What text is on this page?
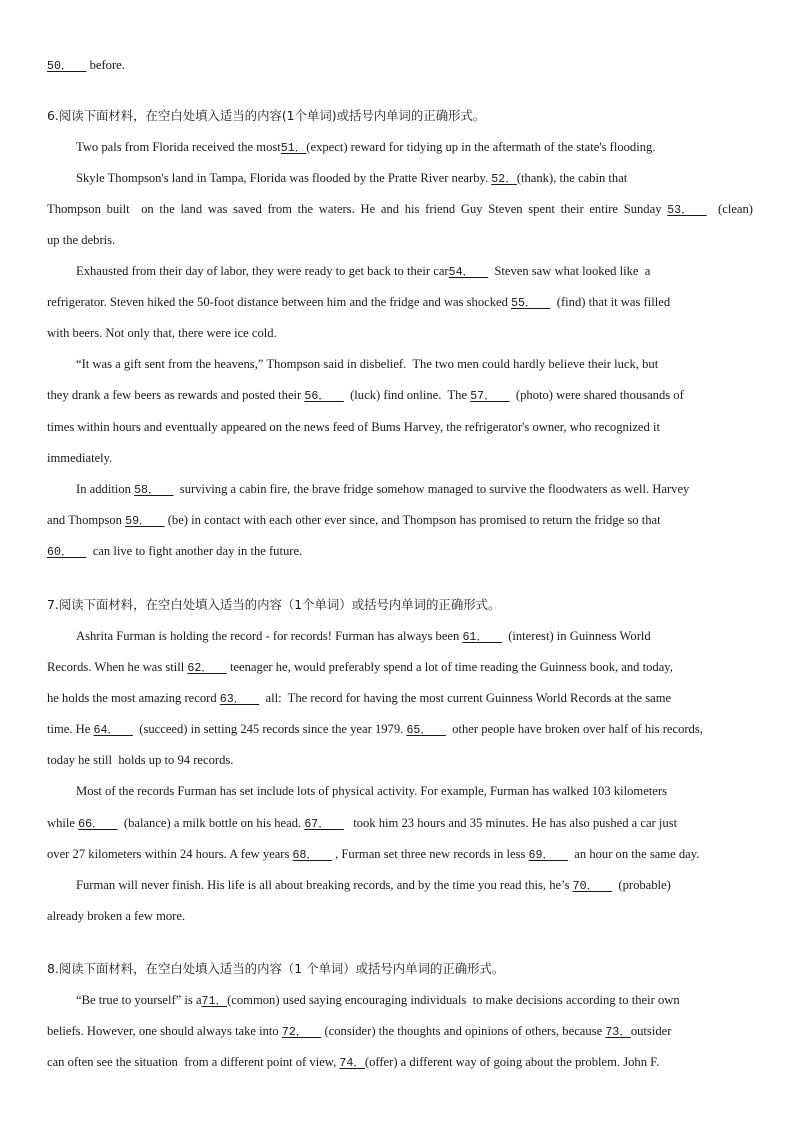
50．   before.
6.阅读下面材料，在空白处填入适当的内容(1个单词)或括号内单词的正确形式。
Two pals from Florida received the most51．(expect) reward for tidying up in the aftermath of the state's flooding.
Skyle Thompson's land in Tampa, Florida was flooded by the Pratte River nearby. 52．(thank), the cabin that
Thompson built  on the land was saved from the waters. He and his friend Guy Steven spent their entire Sunday 53．    (clean)
up the debris.
Exhausted from their day of labor, they were ready to get back to their car54．    Steven saw what looked like  a
refrigerator. Steven hiked the 50-foot distance between him and the fridge and was shocked 55．    (find) that it was filled
with beers. Not only that, there were ice cold.
“It was a gift sent from the heavens,” Thompson said in disbelief.  The two men could hardly believe their luck, but
they drank a few beers as rewards and posted their 56．    (luck) find online.  The 57．    (photo) were shared thousands of
times within hours and eventually appeared on the news feed of Bums Harvey, the refrigerator's owner, who recognized it
immediately.
In addition 58．    surviving a cabin fire, the brave fridge somehow managed to survive the floodwaters as well. Harvey
and Thompson 59．   (be) in contact with each other ever since, and Thompson has promised to return the fridge so that
60．    can live to fight another day in the future.
7.阅读下面材料，在空白处填入适当的内容（1个单词）或括号内单词的正确形式。
Ashrita Furman is holding the record - for records! Furman has always been 61．    (interest) in Guinness World
Records. When he was still 62．   teenager he, would preferably spend a lot of time reading the Guinness book, and today,
he holds the most amazing record 63．    all:  The record for having the most current Guinness World Records at the same
time. He 64．    (succeed) in setting 245 records since the year 1979. 65．    other people have broken over half of his records,
today he still  holds up to 94 records.
Most of the records Furman has set include lots of physical activity. For example, Furman has walked 103 kilometers
while 66．    (balance) a milk bottle on his head. 67．     took him 23 hours and 35 minutes. He has also pushed a car just
over 27 kilometers within 24 hours. A few years 68．   , Furman set three new records in less 69．    an hour on the same day.
Furman will never finish. His life is all about breaking records, and by the time you read this, he’s 70．    (probable)
already broken a few more.
8.阅读下面材料，在空白处填入适当的内容（1 个单词）或括号内单词的正确形式。
“Be true to yourself” is a71．(common) used saying encouraging individuals  to make decisions according to their own
beliefs. However, one should always take into 72．   (consider) the thoughts and opinions of others, because 73．outsider
can often see the situation  from a different point of view, 74．(offer) a different way of going about the problem. John F.
